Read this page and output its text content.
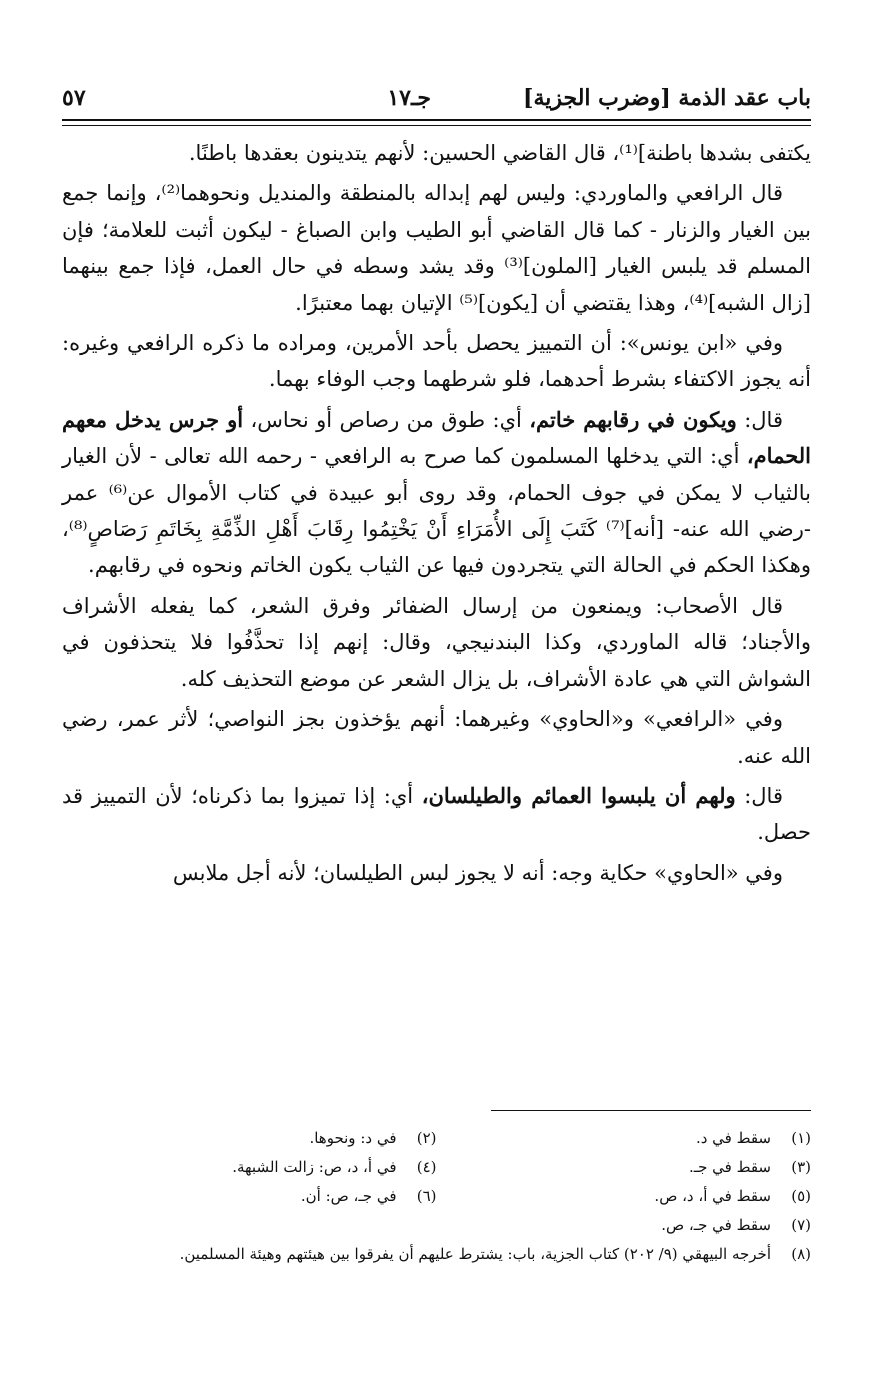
باب عقد الذمة [وضرب الجزية]
جـ١٧
٥٧

يكتفى بشدها باطنة]⁽¹⁾، قال القاضي الحسين: لأنهم يتدينون بعقدها باطنًا.

قال الرافعي والماوردي: وليس لهم إبداله بالمنطقة والمنديل ونحوهما⁽²⁾، وإنما جمع بين الغيار والزنار - كما قال القاضي أبو الطيب وابن الصباغ - ليكون أثبت للعلامة؛ فإن المسلم قد يلبس الغيار [الملون]⁽³⁾ وقد يشد وسطه في حال العمل، فإذا جمع بينهما [زال الشبه]⁽⁴⁾، وهذا يقتضي أن [يكون]⁽⁵⁾ الإتيان بهما معتبرًا.

وفي «ابن يونس»: أن التمييز يحصل بأحد الأمرين، ومراده ما ذكره الرافعي وغيره: أنه يجوز الاكتفاء بشرط أحدهما، فلو شرطهما وجب الوفاء بهما.

قال: ويكون في رقابهم خاتم، أي: طوق من رصاص أو نحاس، أو جرس يدخل معهم الحمام، أي: التي يدخلها المسلمون كما صرح به الرافعي - رحمه الله تعالى - لأن الغيار بالثياب لا يمكن في جوف الحمام، وقد روى أبو عبيدة في كتاب الأموال عن⁽⁶⁾ عمر -رضي الله عنه- [أنه]⁽⁷⁾ كَتَبَ إِلَى الأُمَرَاءِ أَنْ يَخْتِمُوا رِقَابَ أَهْلِ الذِّمَّةِ بِخَاتَمِ رَصَاصٍ⁽⁸⁾، وهكذا الحكم في الحالة التي يتجردون فيها عن الثياب يكون الخاتم ونحوه في رقابهم.

قال الأصحاب: ويمنعون من إرسال الضفائر وفرق الشعر، كما يفعله الأشراف والأجناد؛ قاله الماوردي، وكذا البندنيجي، وقال: إنهم إذا تحذَّفُوا فلا يتحذفون في الشواش التي هي عادة الأشراف، بل يزال الشعر عن موضع التحذيف كله.

وفي «الرافعي» و«الحاوي» وغيرهما: أنهم يؤخذون بجز النواصي؛ لأثر عمر، رضي الله عنه.

قال: ولهم أن يلبسوا العمائم والطيلسان، أي: إذا تميزوا بما ذكرناه؛ لأن التمييز قد حصل.

وفي «الحاوي» حكاية وجه: أنه لا يجوز لبس الطيلسان؛ لأنه أجل ملابس

(١)
سقط في د.
(٢)
في د: ونحوها.
(٣)
سقط في جـ.
(٤)
في أ، د، ص: زالت الشبهة.
(٥)
سقط في أ، د، ص.
(٦)
في جـ، ص: أن.
(٧)
سقط في جـ، ص.
(٨)
أخرجه البيهقي (٩/ ٢٠٢) كتاب الجزية، باب: يشترط عليهم أن يفرقوا بين هيئتهم وهيئة المسلمين.
